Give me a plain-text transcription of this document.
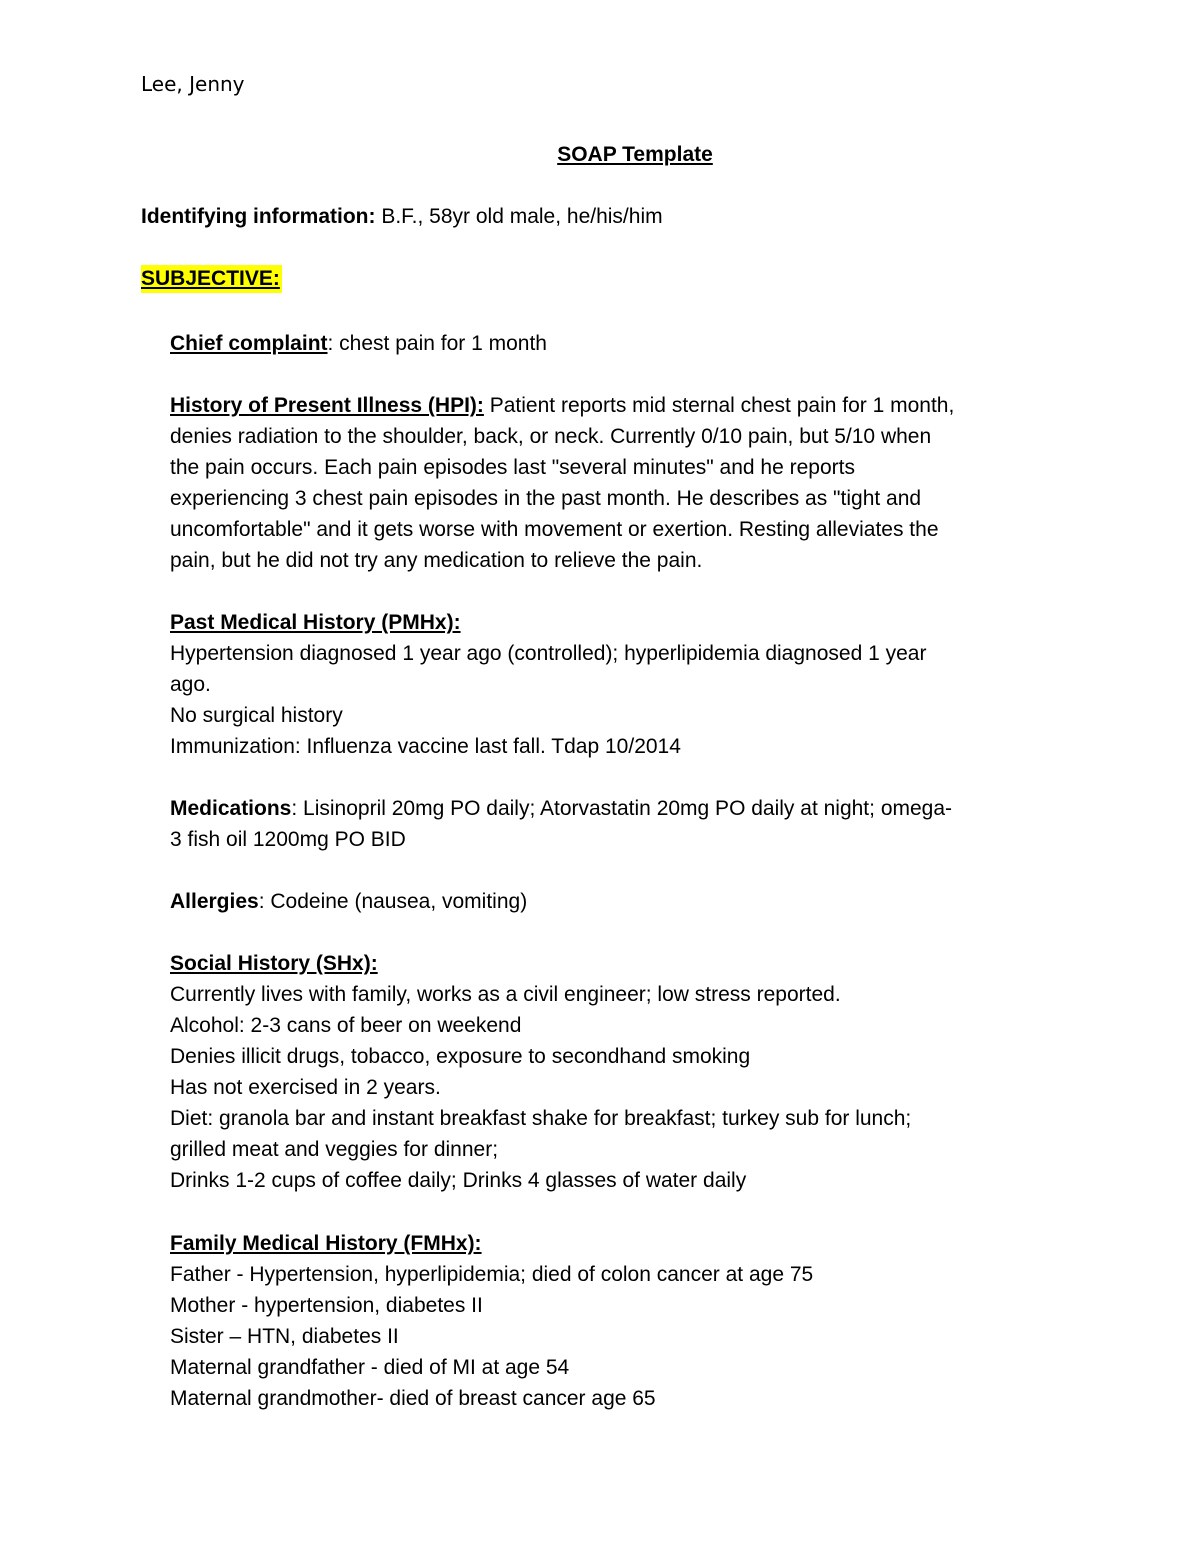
Lee, Jenny
SOAP Template
Identifying information: B.F., 58yr old male, he/his/him
SUBJECTIVE:
Chief complaint: chest pain for 1 month
History of Present Illness (HPI): Patient reports mid sternal chest pain for 1 month,
denies radiation to the shoulder, back, or neck. Currently 0/10 pain, but 5/10 when
the pain occurs. Each pain episodes last "several minutes" and he reports
experiencing 3 chest pain episodes in the past month. He describes as "tight and
uncomfortable" and it gets worse with movement or exertion. Resting alleviates the
pain, but he did not try any medication to relieve the pain.
Past Medical History (PMHx):
Hypertension diagnosed 1 year ago (controlled); hyperlipidemia diagnosed 1 year
ago.
No surgical history
Immunization: Influenza vaccine last fall. Tdap 10/2014
Medications: Lisinopril 20mg PO daily; Atorvastatin 20mg PO daily at night; omega-
3 fish oil 1200mg PO BID
Allergies: Codeine (nausea, vomiting)
Social History (SHx):
Currently lives with family, works as a civil engineer; low stress reported.
Alcohol: 2-3 cans of beer on weekend
Denies illicit drugs, tobacco, exposure to secondhand smoking
Has not exercised in 2 years.
Diet: granola bar and instant breakfast shake for breakfast; turkey sub for lunch;
grilled meat and veggies for dinner;
Drinks 1-2 cups of coffee daily; Drinks 4 glasses of water daily
Family Medical History (FMHx):
Father - Hypertension, hyperlipidemia; died of colon cancer at age 75
Mother - hypertension, diabetes II
Sister – HTN, diabetes II
Maternal grandfather - died of MI at age 54
Maternal grandmother- died of breast cancer age 65
